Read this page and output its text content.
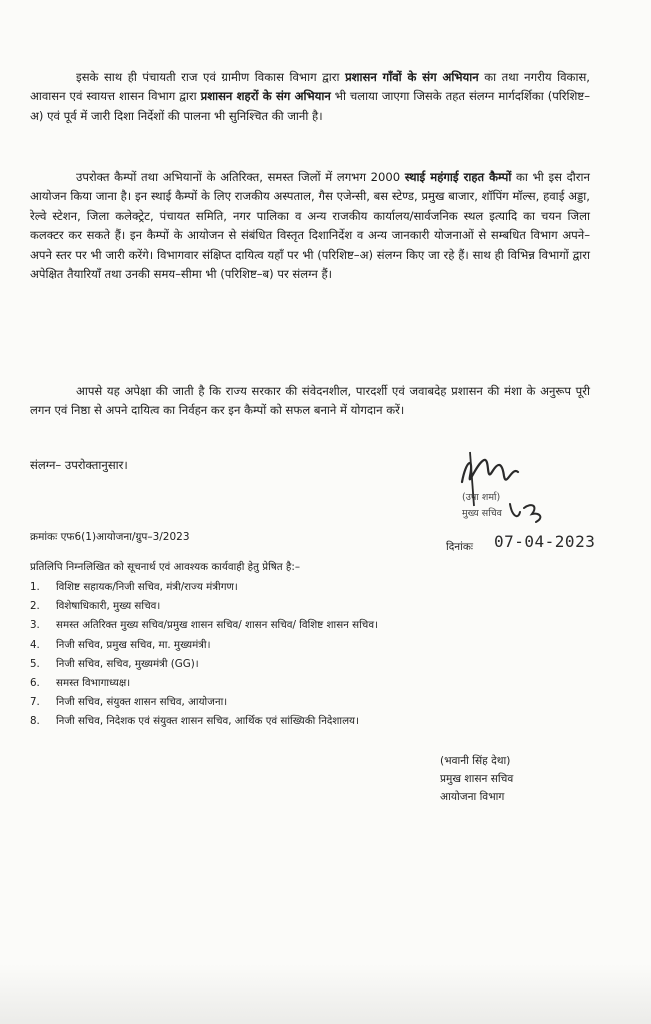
इसके साथ ही पंचायती राज एवं ग्रामीण विकास विभाग द्वारा प्रशासन गाँवों के संग अभियान का तथा नगरीय विकास, आवासन एवं स्वायत्त शासन विभाग द्वारा प्रशासन शहरों के संग अभियान भी चलाया जाएगा जिसके तहत संलग्न मार्गदर्शिका (परिशिष्ट–अ) एवं पूर्व में जारी दिशा निर्देशों की पालना भी सुनिश्चित की जानी है।
उपरोक्त कैम्पों तथा अभियानों के अतिरिक्त, समस्त जिलों में लगभग 2000 स्थाई महंगाई राहत कैम्पों का भी इस दौरान आयोजन किया जाना है। इन स्थाई कैम्पों के लिए राजकीय अस्पताल, गैस एजेन्सी, बस स्टेण्ड, प्रमुख बाजार, शॉपिंग मॉल्स, हवाई अड्डा, रेल्वे स्टेशन, जिला कलेक्ट्रेट, पंचायत समिति, नगर पालिका व अन्य राजकीय कार्यालय/सार्वजनिक स्थल इत्यादि का चयन जिला कलक्टर कर सकते हैं। इन कैम्पों के आयोजन से संबंधित विस्तृत दिशानिर्देश व अन्य जानकारी योजनाओं से सम्बधित विभाग अपने–अपने स्तर पर भी जारी करेंगे। विभागवार संक्षिप्त दायित्व यहाँ पर भी (परिशिष्ट–अ) संलग्न किए जा रहे हैं। साथ ही विभिन्न विभागों द्वारा अपेक्षित तैयारियाँ तथा उनकी समय–सीमा भी (परिशिष्ट–ब) पर संलग्न हैं।
आपसे यह अपेक्षा की जाती है कि राज्य सरकार की संवेदनशील, पारदर्शी एवं जवाबदेह प्रशासन की मंशा के अनुरूप पूरी लगन एवं निष्ठा से अपने दायित्व का निर्वहन कर इन कैम्पों को सफल बनाने में योगदान करें।
संलग्न– उपरोक्तानुसार।
(उषा शर्मा)
मुख्य सचिव
क्रमांकः एफ6(1)आयोजना/ग्रुप–3/2023
दिनांकः 07-04-2023
प्रतिलिपि निम्नलिखित को सूचनार्थ एवं आवश्यक कार्यवाही हेतु प्रेषित है:–
1.	विशिष्ट सहायक/निजी सचिव, मंत्री/राज्य मंत्रीगण।
2.	विशेषाधिकारी, मुख्य सचिव।
3.	समस्त अतिरिक्त मुख्य सचिव/प्रमुख शासन सचिव/ शासन सचिव/ विशिष्ट शासन सचिव।
4.	निजी सचिव, प्रमुख सचिव, मा. मुख्यमंत्री।
5.	निजी सचिव, सचिव, मुख्यमंत्री (GG)।
6.	समस्त विभागाध्यक्ष।
7.	निजी सचिव, संयुक्त शासन सचिव, आयोजना।
8.	निजी सचिव, निदेशक एवं संयुक्त शासन सचिव, आर्थिक एवं सांख्यिकी निदेशालय।
(भवानी सिंह देथा)
प्रमुख शासन सचिव
आयोजना विभाग
